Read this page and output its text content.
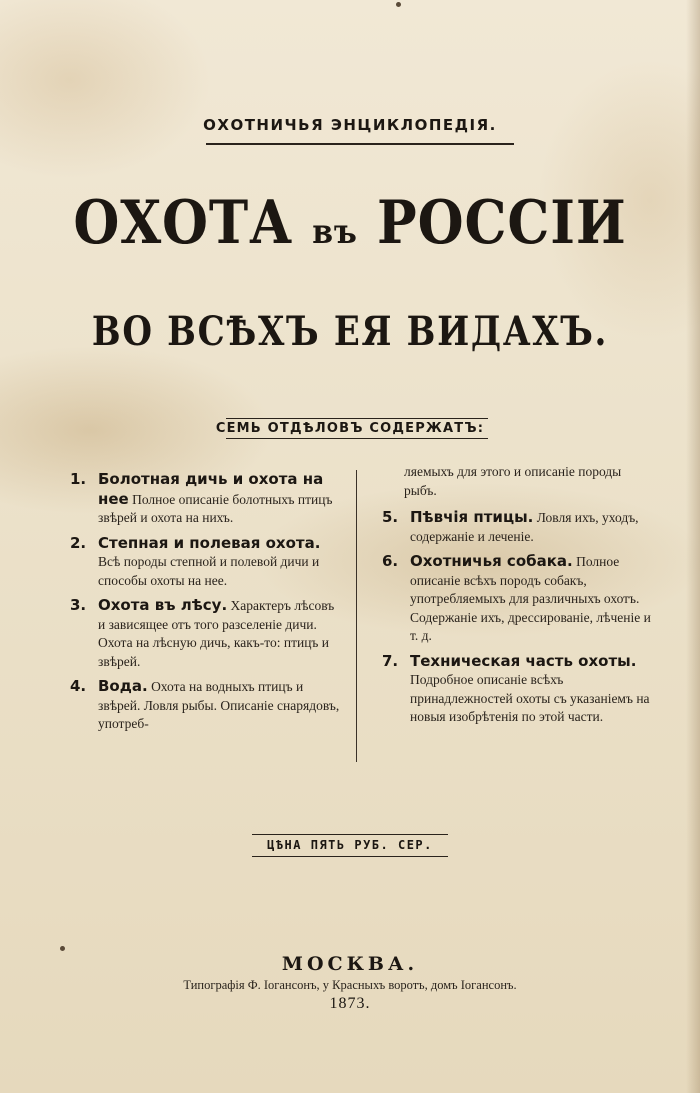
ОХОТНИЧЬЯ ЭНЦИКЛОПЕДІЯ.
ОХОТА въ РОССІИ
ВО ВСѢХЪ ЕЯ ВИДАХЪ.
СЕМЬ ОТДѢЛОВЪ СОДЕРЖАТЪ:
1. Болотная дичь и охота на нее Полное описаніе болотныхъ птицъ звѣрей и охота на нихъ.
2. Степная и полевая охота. Всѣ породы степной и полевой дичи и способы охоты на нее.
3. Охота въ лѣсу. Характеръ лѣсовъ и зависящее отъ того разселеніе дичи. Охота на лѣсную дичь, какъ-то: птицъ и звѣрей.
4. Вода. Охота на водныхъ птицъ и звѣрей. Ловля рыбы. Описаніе снарядовъ, употреб-
ляемыхъ для этого и описаніе породы рыбъ.
5. Пѣвчія птицы. Ловля ихъ, уходъ, содержаніе и леченіе.
6. Охотничья собака. Полное описаніе всѣхъ породъ собакъ, употребляемыхъ для различныхъ охотъ. Содержаніе ихъ, дрессированіе, лѣченіе и т. д.
7. Техническая часть охоты. Подробное описаніе всѣхъ принадлежностей охоты съ указаніемъ на новыя изобрѣтенія по этой части.
ЦѢНА ПЯТЬ РУБ. СЕР.
МОСКВА.
Типографія Ф. Іогансонъ, у Красныхъ воротъ, домъ Іогансонъ.
1873.
